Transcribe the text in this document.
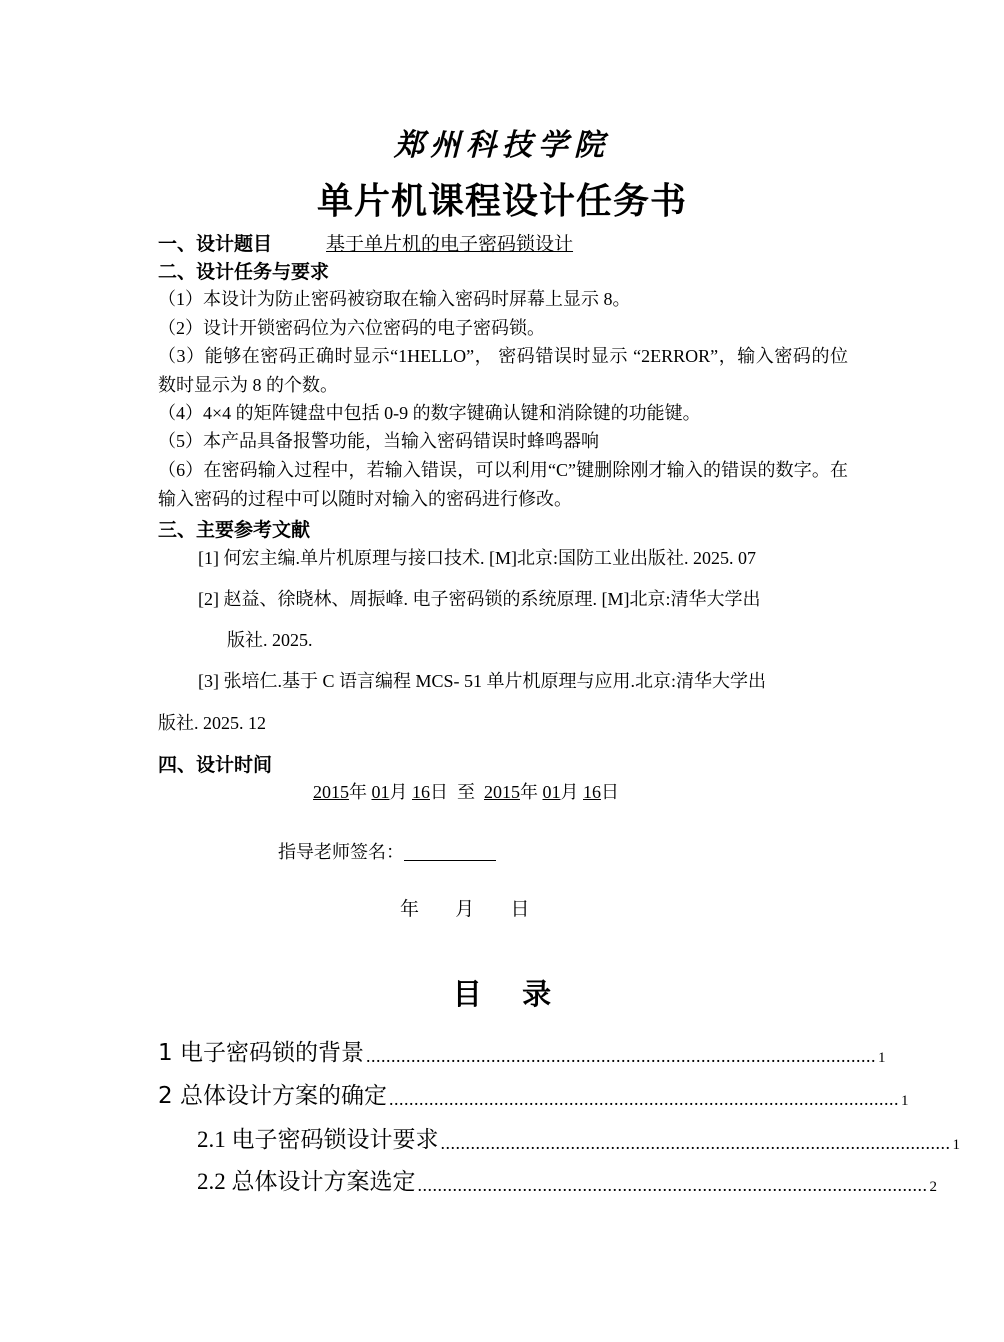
郑州科技学院
单片机课程设计任务书
一、设计题目	基于单片机的电子密码锁设计
二、设计任务与要求
（1）本设计为防止密码被窃取在输入密码时屏幕上显示 8。
（2）设计开锁密码位为六位密码的电子密码锁。
（3）能够在密码正确时显示“1HELLO”， 密码错误时显示 “2ERROR”，输入密码的位数时显示为 8 的个数。
（4）4×4 的矩阵键盘中包括 0-9 的数字键确认键和消除键的功能键。
（5）本产品具备报警功能，当输入密码错误时蜂鸣器响
（6）在密码输入过程中，若输入错误，可以利用“C”键删除刚才输入的错误的数字。在输入密码的过程中可以随时对输入的密码进行修改。
三、主要参考文献
[1] 何宏主编.单片机原理与接口技术. [M]北京:国防工业出版社. 2025. 07
[2] 赵益、徐晓林、周振峰. 电子密码锁的系统原理. [M]北京:清华大学出
版社. 2025.
[3] 张培仁.基于 C 语言编程 MCS- 51 单片机原理与应用.北京:清华大学出
版社. 2025. 12
四、设计时间
2015年 01月 16日 至 2015年 01月 16日
指导老师签名：
年      月      日
目    录
1 电子密码锁的背景 ...................................................................................................... 1
2 总体设计方案的确定 ...................................................................................................... 1
2.1 电子密码锁设计要求 ...................................................................................................... 1
2.2 总体设计方案选定 ...................................................................................................... 2
